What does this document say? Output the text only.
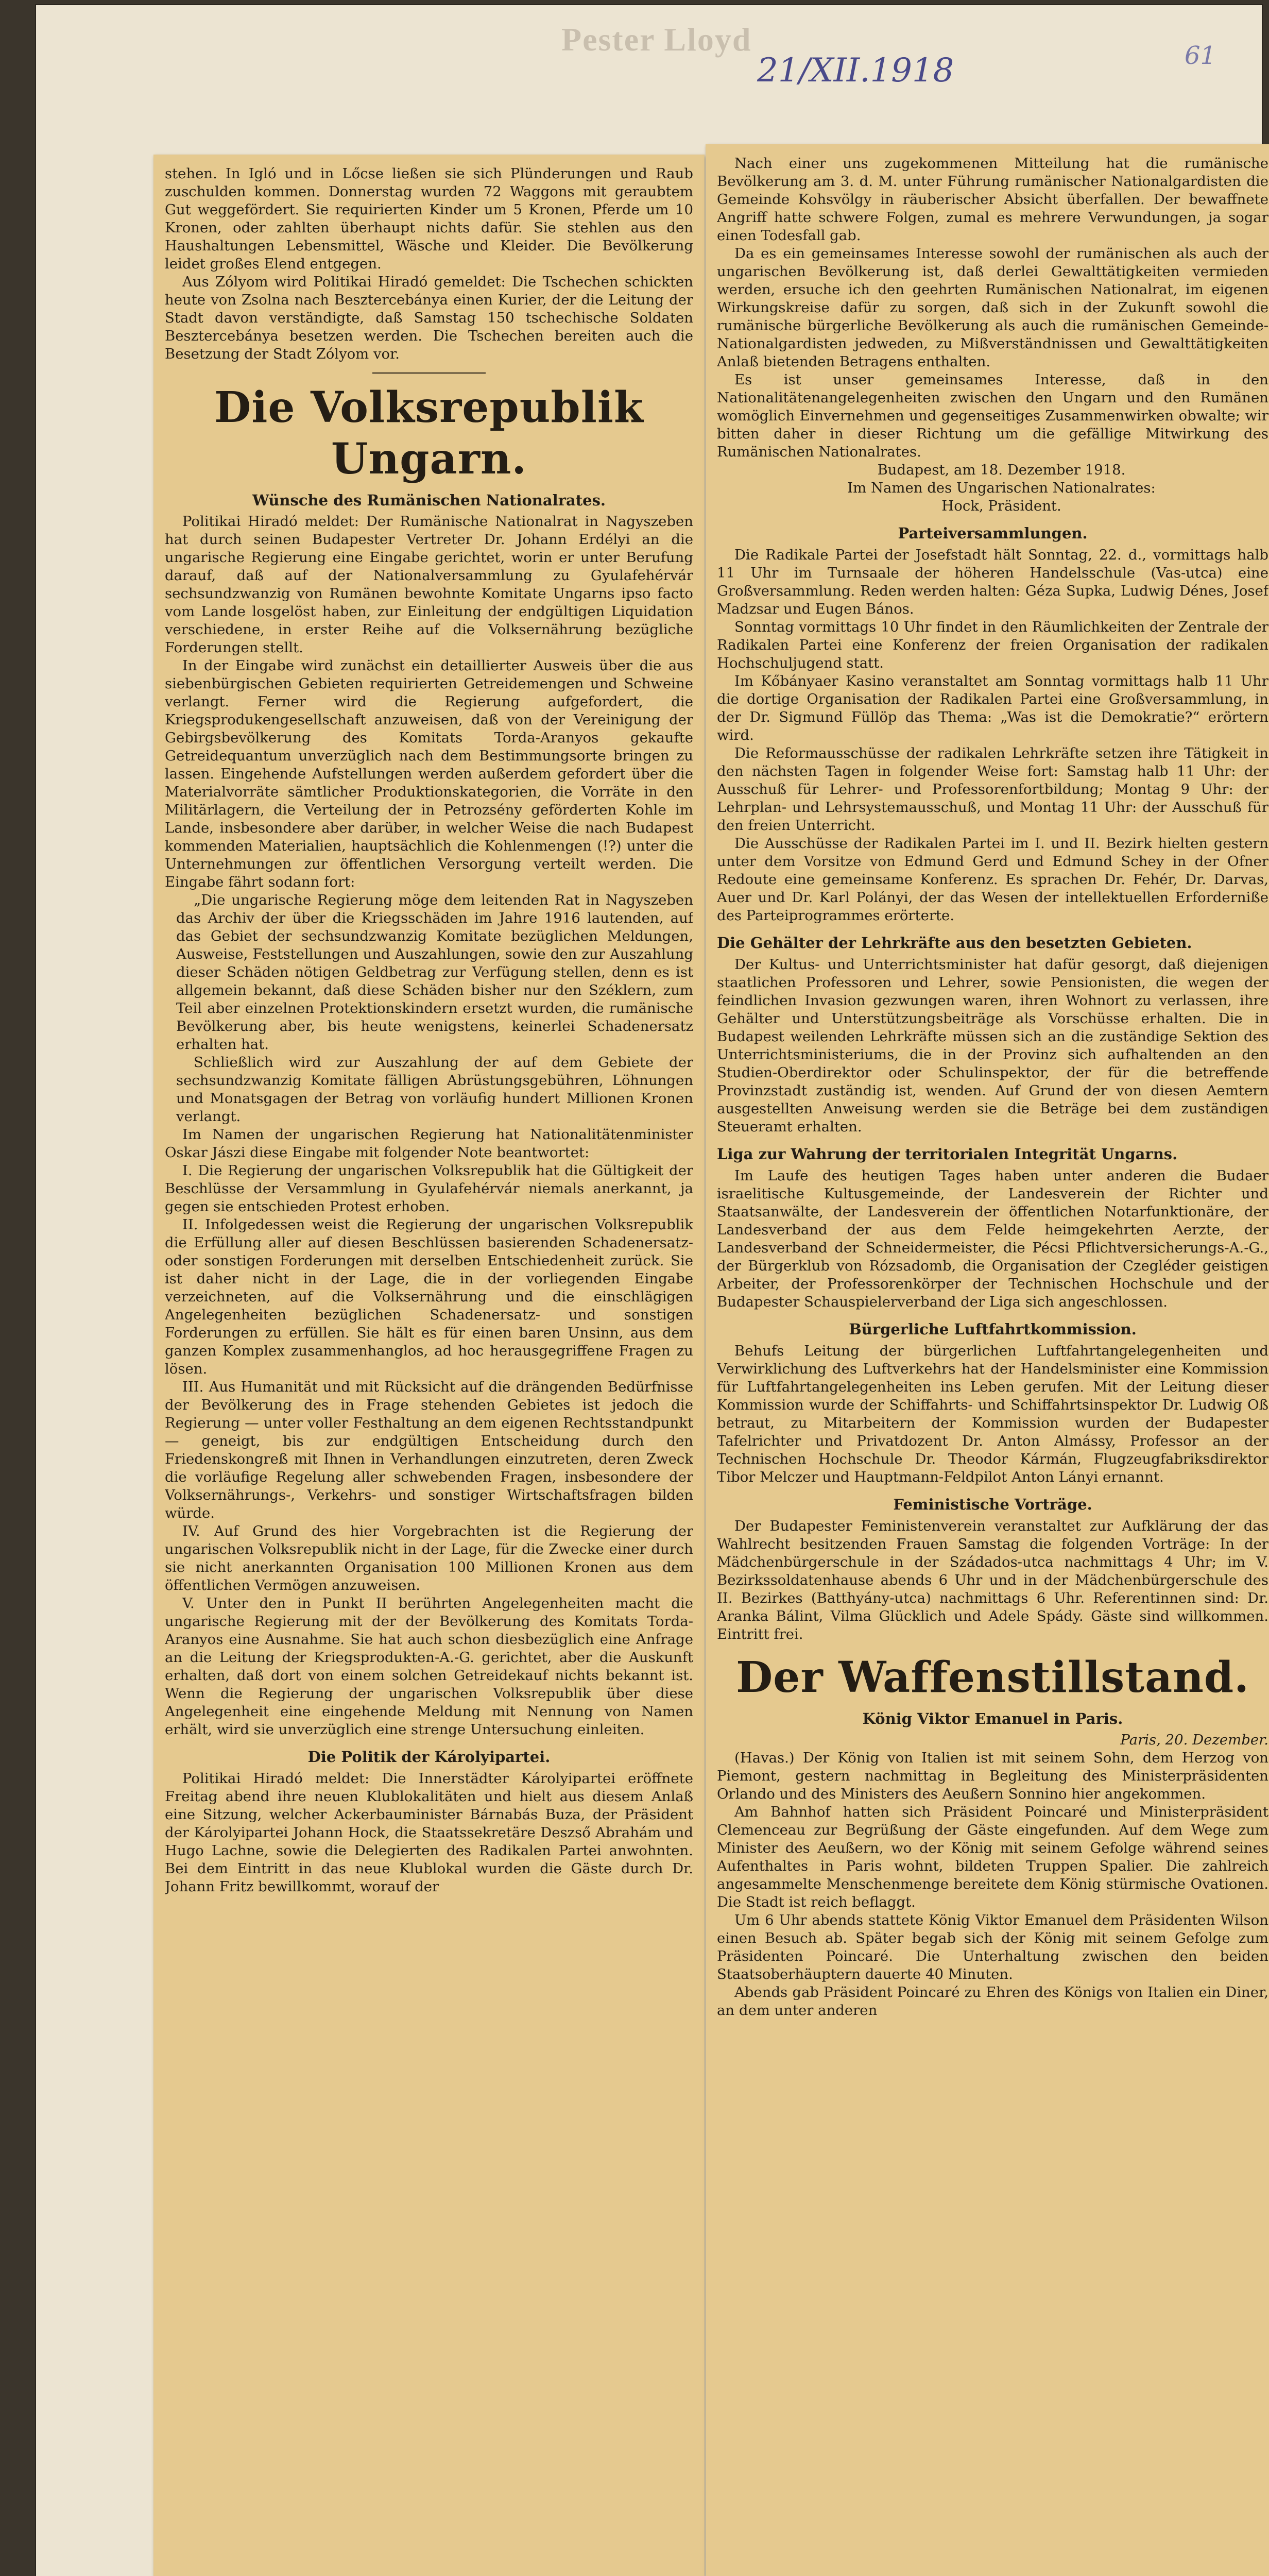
Pester Lloyd
21/XII.1918	61

stehen. In Igló und in Lőcse ließen sie sich Plünderungen und Raub zuschulden kommen. Donnerstag wurden 72 Waggons mit geraubtem Gut weggefördert. Sie requirierten Kinder um 5 Kronen, Pferde um 10 Kronen, oder zahlten überhaupt nichts dafür. Sie stehlen aus den Haushaltungen Lebensmittel, Wäsche und Kleider. Die Bevölkerung leidet großes Elend entgegen.

Aus Zólyom wird Politikai Hiradó gemeldet: Die Tschechen schickten heute von Zsolna nach Besztercebánya einen Kurier, der die Leitung der Stadt davon verständigte, daß Samstag 150 tschechische Soldaten Besztercebánya besetzen werden. Die Tschechen bereiten auch die Besetzung der Stadt Zólyom vor.

Die Volksrepublik Ungarn.
Wünsche des Rumänischen Nationalrates.

Politikai Hiradó meldet: Der Rumänische Nationalrat in Nagyszeben hat durch seinen Budapester Vertreter Dr. Johann Erdélyi an die ungarische Regierung eine Eingabe gerichtet, worin er unter Berufung darauf, daß auf der Nationalversammlung zu Gyulafehérvár sechsundzwanzig von Rumänen bewohnte Komitate Ungarns ipso facto vom Lande losgelöst haben, zur Einleitung der endgültigen Liquidation verschiedene, in erster Reihe auf die Volksernährung bezügliche Forderungen stellt.

In der Eingabe wird zunächst ein detaillierter Ausweis über die aus siebenbürgischen Gebieten requirierten Getreidemengen und Schweine verlangt. Ferner wird die Regierung aufgefordert, die Kriegsprodukengesellschaft anzuweisen, daß von der Vereinigung der Gebirgsbevölkerung des Komitats Torda-Aranyos gekaufte Getreidequantum unverzüglich nach dem Bestimmungsorte bringen zu lassen. Eingehende Aufstellungen werden außerdem gefordert über die Materialvorräte sämtlicher Produktionskategorien, die Vorräte in den Militärlagern, die Verteilung der in Petrozsény geförderten Kohle im Lande, insbesondere aber darüber, in welcher Weise die nach Budapest kommenden Materialien, hauptsächlich die Kohlenmengen (!?) unter die Unternehmungen zur öffentlichen Versorgung verteilt werden. Die Eingabe fährt sodann fort:

„Die ungarische Regierung möge dem leitenden Rat in Nagyszeben das Archiv der über die Kriegsschäden im Jahre 1916 lautenden, auf das Gebiet der sechsundzwanzig Komitate bezüglichen Meldungen, Ausweise, Feststellungen und Auszahlungen, sowie den zur Auszahlung dieser Schäden nötigen Geldbetrag zur Verfügung stellen, denn es ist allgemein bekannt, daß diese Schäden bisher nur den Széklern, zum Teil aber einzelnen Protektionskindern ersetzt wurden, die rumänische Bevölkerung aber, bis heute wenigstens, keinerlei Schadenersatz erhalten hat.

Schließlich wird zur Auszahlung der auf dem Gebiete der sechsundzwanzig Komitate fälligen Abrüstungsgebühren, Löhnungen und Monatsgagen der Betrag von vorläufig hundert Millionen Kronen verlangt.

Im Namen der ungarischen Regierung hat Nationalitätenminister Oskar Jászi diese Eingabe mit folgender Note beantwortet:

I. Die Regierung der ungarischen Volksrepublik hat die Gültigkeit der Beschlüsse der Versammlung in Gyulafehérvár niemals anerkannt, ja gegen sie entschieden Protest erhoben.

II. Infolgedessen weist die Regierung der ungarischen Volksrepublik die Erfüllung aller auf diesen Beschlüssen basierenden Schadenersatz- oder sonstigen Forderungen mit derselben Entschiedenheit zurück. Sie ist daher nicht in der Lage, die in der vorliegenden Eingabe verzeichneten, auf die Volksernährung und die einschlägigen Angelegenheiten bezüglichen Schadenersatz- und sonstigen Forderungen zu erfüllen. Sie hält es für einen baren Unsinn, aus dem ganzen Komplex zusammenhanglos, ad hoc herausgegriffene Fragen zu lösen.

III. Aus Humanität und mit Rücksicht auf die drängenden Bedürfnisse der Bevölkerung des in Frage stehenden Gebietes ist jedoch die Regierung — unter voller Festhaltung an dem eigenen Rechtsstandpunkt — geneigt, bis zur endgültigen Entscheidung durch den Friedenskongreß mit Ihnen in Verhandlungen einzutreten, deren Zweck die vorläufige Regelung aller schwebenden Fragen, insbesondere der Volksernährungs-, Verkehrs- und sonstiger Wirtschaftsfragen bilden würde.

IV. Auf Grund des hier Vorgebrachten ist die Regierung der ungarischen Volksrepublik nicht in der Lage, für die Zwecke einer durch sie nicht anerkannten Organisation 100 Millionen Kronen aus dem öffentlichen Vermögen anzuweisen.

V. Unter den in Punkt II berührten Angelegenheiten macht die ungarische Regierung mit der der Bevölkerung des Komitats Torda-Aranyos eine Ausnahme. Sie hat auch schon diesbezüglich eine Anfrage an die Leitung der Kriegsprodukten-A.-G. gerichtet, aber die Auskunft erhalten, daß dort von einem solchen Getreidekauf nichts bekannt ist. Wenn die Regierung der ungarischen Volksrepublik über diese Angelegenheit eine eingehende Meldung mit Nennung von Namen erhält, wird sie unverzüglich eine strenge Untersuchung einleiten.

Die Politik der Károlyipartei.

Politikai Hiradó meldet: Die Innerstädter Károlyipartei eröffnete Freitag abend ihre neuen Klublokalitäten und hielt aus diesem Anlaß eine Sitzung, welcher Ackerbauminister Bárnabás Buza, der Präsident der Károlyipartei Johann Hock, die Staatssekretäre Deszső Abrahám und Hugo Lachne, sowie die Delegierten des Radikalen Partei anwohnten. Bei dem Eintritt in das neue Klublokal wurden die Gäste durch Dr. Johann Fritz bewillkommt, worauf der

Nach einer uns zugekommenen Mitteilung hat die rumänische Bevölkerung am 3. d. M. unter Führung rumänischer Nationalgardisten die Gemeinde Kohsvölgy in räuberischer Absicht überfallen. Der bewaffnete Angriff hatte schwere Folgen, zumal es mehrere Verwundungen, ja sogar einen Todesfall gab.

Da es ein gemeinsames Interesse sowohl der rumänischen als auch der ungarischen Bevölkerung ist, daß derlei Gewalttätigkeiten vermieden werden, ersuche ich den geehrten Rumänischen Nationalrat, im eigenen Wirkungskreise dafür zu sorgen, daß sich in der Zukunft sowohl die rumänische bürgerliche Bevölkerung als auch die rumänischen Gemeinde-Nationalgardisten jedweden, zu Mißverständnissen und Gewalttätigkeiten Anlaß bietenden Betragens enthalten.

Es ist unser gemeinsames Interesse, daß in den Nationalitätenangelegenheiten zwischen den Ungarn und den Rumänen womöglich Einvernehmen und gegenseitiges Zusammenwirken obwalte; wir bitten daher in dieser Richtung um die gefällige Mitwirkung des Rumänischen Nationalrates.

Budapest, am 18. Dezember 1918.

Im Namen des Ungarischen Nationalrates:

Hock, Präsident.

Parteiversammlungen.

Die Radikale Partei der Josefstadt hält Sonntag, 22. d., vormittags halb 11 Uhr im Turnsaale der höheren Handelsschule (Vas-utca) eine Großversammlung. Reden werden halten: Géza Supka, Ludwig Dénes, Josef Madzsar und Eugen Bános.

Sonntag vormittags 10 Uhr findet in den Räumlichkeiten der Zentrale der Radikalen Partei eine Konferenz der freien Organisation der radikalen Hochschuljugend statt.

Im Kőbányaer Kasino veranstaltet am Sonntag vormittags halb 11 Uhr die dortige Organisation der Radikalen Partei eine Großversammlung, in der Dr. Sigmund Füllöp das Thema: „Was ist die Demokratie?“ erörtern wird.

Die Reformausschüsse der radikalen Lehrkräfte setzen ihre Tätigkeit in den nächsten Tagen in folgender Weise fort: Samstag halb 11 Uhr: der Ausschuß für Lehrer- und Professorenfortbildung; Montag 9 Uhr: der Lehrplan- und Lehrsystemausschuß, und Montag 11 Uhr: der Ausschuß für den freien Unterricht.

Die Ausschüsse der Radikalen Partei im I. und II. Bezirk hielten gestern unter dem Vorsitze von Edmund Gerd und Edmund Schey in der Ofner Redoute eine gemeinsame Konferenz. Es sprachen Dr. Fehér, Dr. Darvas, Auer und Dr. Karl Polányi, der das Wesen der intellektuellen Erforderniße des Parteiprogrammes erörterte.

Die Gehälter der Lehrkräfte aus den besetzten Gebieten.

Der Kultus- und Unterrichtsminister hat dafür gesorgt, daß diejenigen staatlichen Professoren und Lehrer, sowie Pensionisten, die wegen der feindlichen Invasion gezwungen waren, ihren Wohnort zu verlassen, ihre Gehälter und Unterstützungsbeiträge als Vorschüsse erhalten. Die in Budapest weilenden Lehrkräfte müssen sich an die zuständige Sektion des Unterrichtsministeriums, die in der Provinz sich aufhaltenden an den Studien-Oberdirektor oder Schulinspektor, der für die betreffende Provinzstadt zuständig ist, wenden. Auf Grund der von diesen Aemtern ausgestellten Anweisung werden sie die Beträge bei dem zuständigen Steueramt erhalten.

Liga zur Wahrung der territorialen Integrität Ungarns.

Im Laufe des heutigen Tages haben unter anderen die Budaer israelitische Kultusgemeinde, der Landesverein der Richter und Staatsanwälte, der Landesverein der öffentlichen Notarfunktionäre, der Landesverband der aus dem Felde heimgekehrten Aerzte, der Landesverband der Schneidermeister, die Pécsi Pflichtversicherungs-A.-G., der Bürgerklub von Rózsadomb, die Organisation der Czegléder geistigen Arbeiter, der Professorenkörper der Technischen Hochschule und der Budapester Schauspielerverband der Liga sich angeschlossen.

Bürgerliche Luftfahrtkommission.

Behufs Leitung der bürgerlichen Luftfahrtangelegenheiten und Verwirklichung des Luftverkehrs hat der Handelsminister eine Kommission für Luftfahrtangelegenheiten ins Leben gerufen. Mit der Leitung dieser Kommission wurde der Schiffahrts- und Schiffahrtsinspektor Dr. Ludwig Oß betraut, zu Mitarbeitern der Kommission wurden der Budapester Tafelrichter und Privatdozent Dr. Anton Almássy, Professor an der Technischen Hochschule Dr. Theodor Kármán, Flugzeugfabriksdirektor Tibor Melczer und Hauptmann-Feldpilot Anton Lányi ernannt.

Feministische Vorträge.

Der Budapester Feministenverein veranstaltet zur Aufklärung der das Wahlrecht besitzenden Frauen Samstag die folgenden Vorträge: In der Mädchenbürgerschule in der Szádados-utca nachmittags 4 Uhr; im V. Bezirkssoldatenhause abends 6 Uhr und in der Mädchenbürgerschule des II. Bezirkes (Batthyány-utca) nachmittags 6 Uhr. Referentinnen sind: Dr. Aranka Bálint, Vilma Glücklich und Adele Spády. Gäste sind willkommen. Eintritt frei.

Der Waffenstillstand.
König Viktor Emanuel in Paris.

Paris, 20. Dezember.

(Havas.) Der König von Italien ist mit seinem Sohn, dem Herzog von Piemont, gestern nachmittag in Begleitung des Ministerpräsidenten Orlando und des Ministers des Aeußern Sonnino hier angekommen.

Am Bahnhof hatten sich Präsident Poincaré und Ministerpräsident Clemenceau zur Begrüßung der Gäste eingefunden. Auf dem Wege zum Minister des Aeußern, wo der König mit seinem Gefolge während seines Aufenthaltes in Paris wohnt, bildeten Truppen Spalier. Die zahlreich angesammelte Menschenmenge bereitete dem König stürmische Ovationen. Die Stadt ist reich beflaggt.

Um 6 Uhr abends stattete König Viktor Emanuel dem Präsidenten Wilson einen Besuch ab. Später begab sich der König mit seinem Gefolge zum Präsidenten Poincaré. Die Unterhaltung zwischen den beiden Staatsoberhäuptern dauerte 40 Minuten.

Abends gab Präsident Poincaré zu Ehren des Königs von Italien ein Diner, an dem unter anderen
